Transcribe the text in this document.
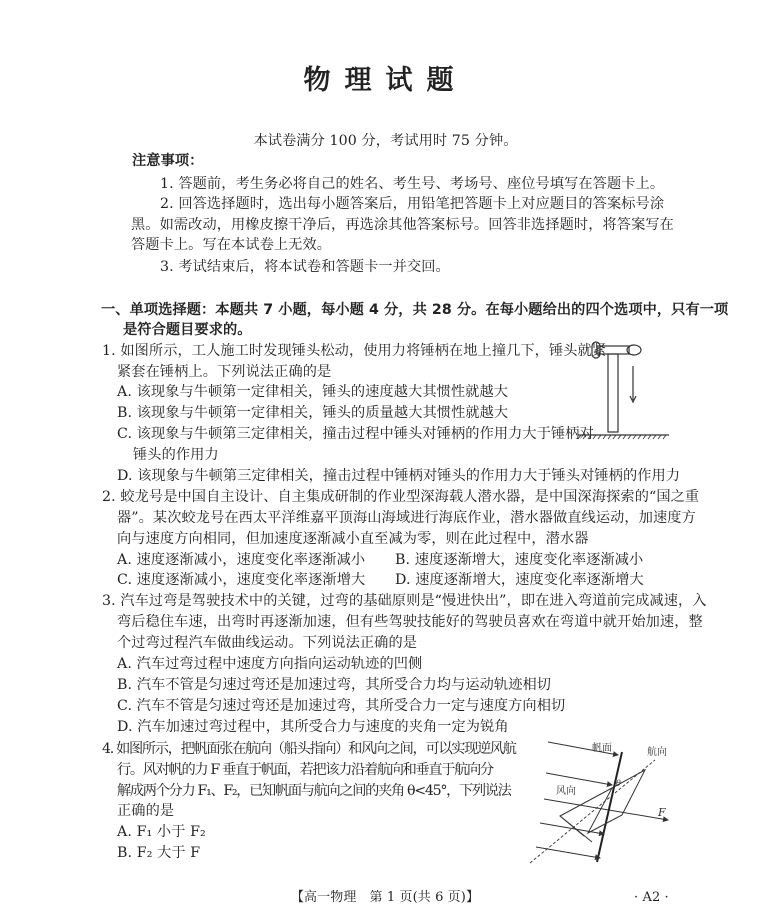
物理试题
本试卷满分 100 分，考试用时 75 分钟。
注意事项：
1. 答题前，考生务必将自己的姓名、考生号、考场号、座位号填写在答题卡上。
2. 回答选择题时，选出每小题答案后，用铅笔把答题卡上对应题目的答案标号涂
黑。如需改动，用橡皮擦干净后，再选涂其他答案标号。回答非选择题时，将答案写在
答题卡上。写在本试卷上无效。
3. 考试结束后，将本试卷和答题卡一并交回。
一、单项选择题：本题共 7 小题，每小题 4 分，共 28 分。在每小题给出的四个选项中，只有一项
是符合题目要求的。
1. 如图所示，工人施工时发现锤头松动，使用力将锤柄在地上撞几下，锤头就紧
紧套在锤柄上。下列说法正确的是
A. 该现象与牛顿第一定律相关，锤头的速度越大其惯性就越大
B. 该现象与牛顿第一定律相关，锤头的质量越大其惯性就越大
C. 该现象与牛顿第三定律相关，撞击过程中锤头对锤柄的作用力大于锤柄对
锤头的作用力
D. 该现象与牛顿第三定律相关，撞击过程中锤柄对锤头的作用力大于锤头对锤柄的作用力
2. 蛟龙号是中国自主设计、自主集成研制的作业型深海载人潜水器，是中国深海探索的“国之重
器”。某次蛟龙号在西太平洋维嘉平顶海山海域进行海底作业，潜水器做直线运动，加速度方
向与速度方向相同，但加速度逐渐减小直至减为零，则在此过程中，潜水器
A. 速度逐渐减小，速度变化率逐渐减小 B. 速度逐渐增大，速度变化率逐渐减小
C. 速度逐渐减小，速度变化率逐渐增大 D. 速度逐渐增大，速度变化率逐渐增大
3. 汽车过弯是驾驶技术中的关键，过弯的基础原则是“慢进快出”，即在进入弯道前完成减速，入
弯后稳住车速，出弯时再逐渐加速，但有些驾驶技能好的驾驶员喜欢在弯道中就开始加速，整
个过弯过程汽车做曲线运动。下列说法正确的是
A. 汽车过弯过程中速度方向指向运动轨迹的凹侧
B. 汽车不管是匀速过弯还是加速过弯，其所受合力均与运动轨迹相切
C. 汽车不管是匀速过弯还是加速过弯，其所受合力一定与速度方向相切
D. 汽车加速过弯过程中，其所受合力与速度的夹角一定为锐角
4. 如图所示，把帆面张在航向（船头指向）和风向之间，可以实现逆风航
行。风对帆的力 F 垂直于帆面，若把该力沿着航向和垂直于航向分
解成两个分力 F₁、F₂，已知帆面与航向之间的夹角 θ<45°，下列说法
正确的是
A. F₁ 小于 F₂
B. F₂ 大于 F
帆面	航向
风向
F
θ
【高一物理　第 1 页(共 6 页)】	· A2 ·
